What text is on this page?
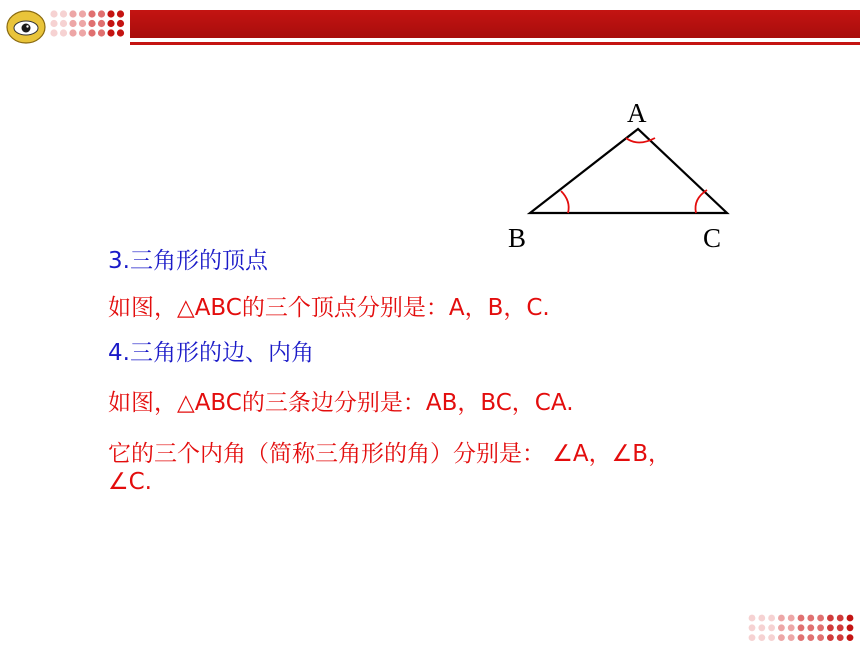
A
B	C
3.三角形的顶点
如图，△ABC的三个顶点分别是：A，B，C.
4.三角形的边、内角
如图，△ABC的三条边分别是：AB，BC，CA.
它的三个内角（简称三角形的角）分别是： ∠A，∠B，
∠C.
